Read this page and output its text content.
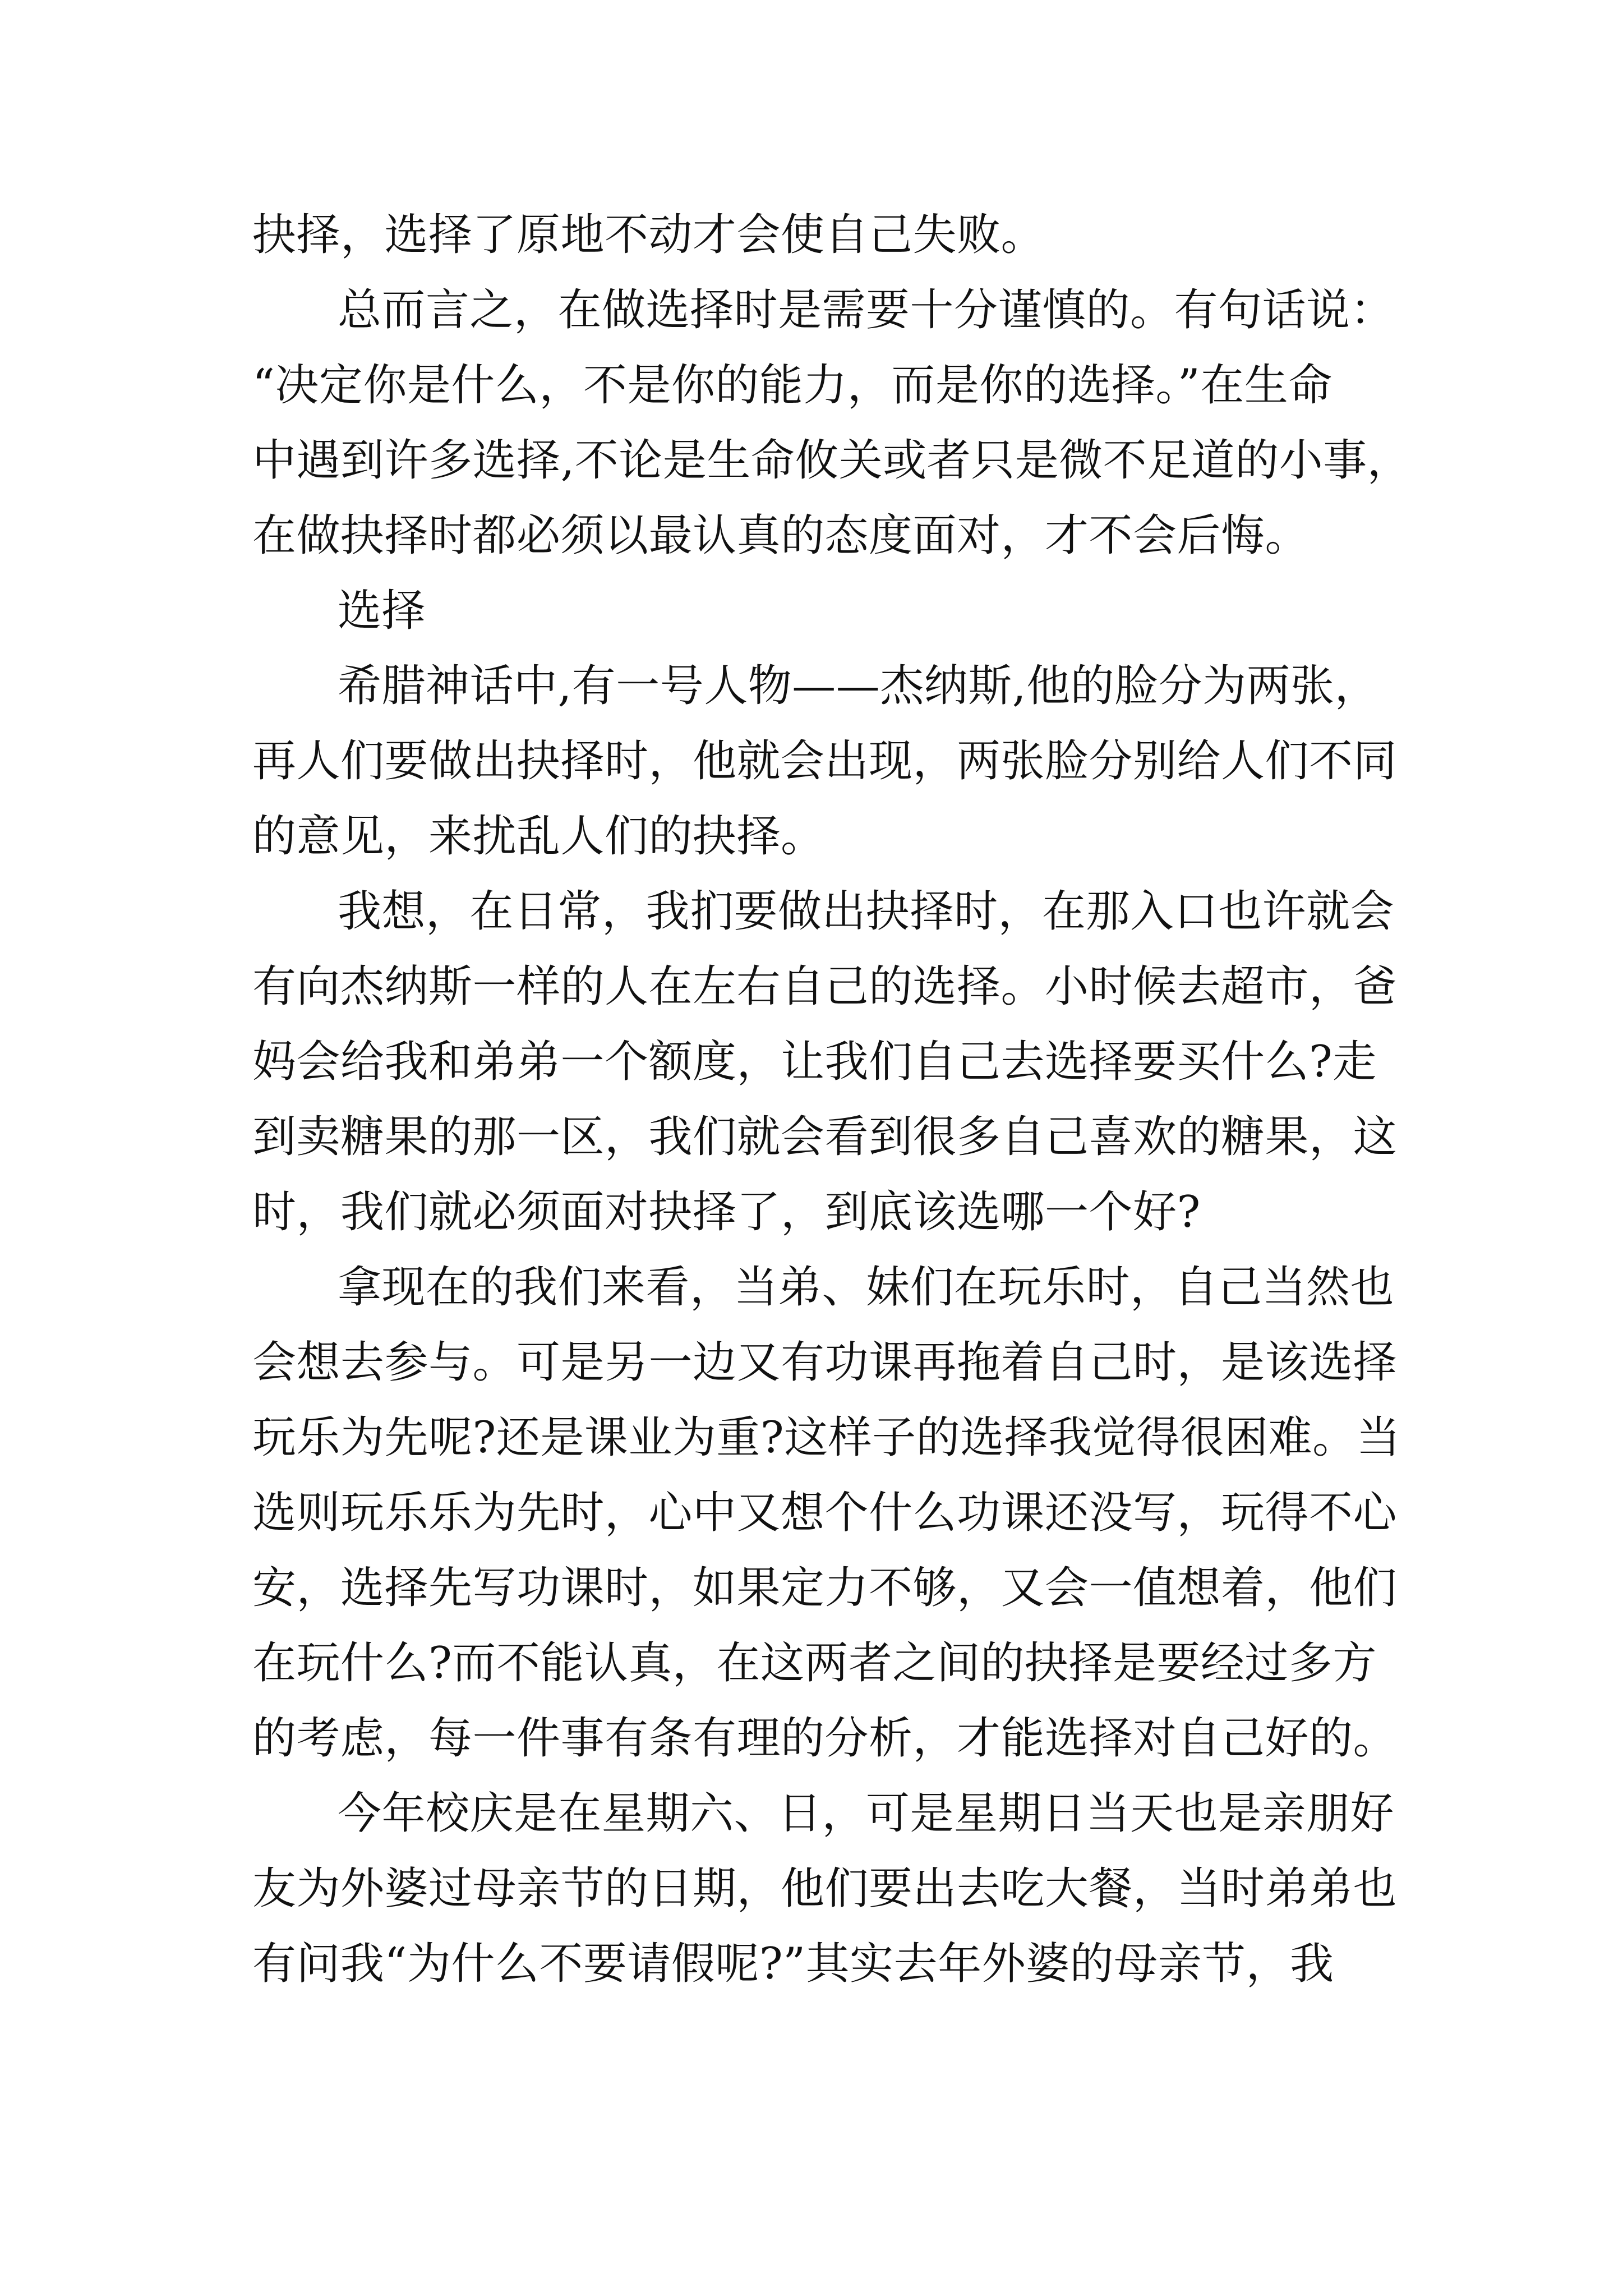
抉择，选择了原地不动才会使自己失败。
总而言之，在做选择时是需要十分谨慎的。有句话说：
“决定你是什么，不是你的能力，而是你的选择。”在生命
中遇到许多选择,不论是生命攸关或者只是微不足道的小事，
在做抉择时都必须以最认真的态度面对，才不会后悔。
选择
希腊神话中,有一号人物——杰纳斯,他的脸分为两张，
再人们要做出抉择时，他就会出现，两张脸分别给人们不同
的意见，来扰乱人们的抉择。
我想，在日常，我扪要做出抉择时，在那入口也许就会
有向杰纳斯一样的人在左右自己的选择。小时候去超市，爸
妈会给我和弟弟一个额度，让我们自己去选择要买什么?走
到卖糖果的那一区，我们就会看到很多自己喜欢的糖果，这
时，我们就必须面对抉择了，到底该选哪一个好?
拿现在的我们来看，当弟、妹们在玩乐时，自己当然也
会想去参与。可是另一边又有功课再拖着自己时，是该选择
玩乐为先呢?还是课业为重?这样子的选择我觉得很困难。当
选则玩乐乐为先时，心中又想个什么功课还没写，玩得不心
安，选择先写功课时，如果定力不够，又会一值想着，他们
在玩什么?而不能认真，在这两者之间的抉择是要经过多方
的考虑，每一件事有条有理的分析，才能选择对自己好的。
今年校庆是在星期六、日，可是星期日当天也是亲朋好
友为外婆过母亲节的日期，他们要出去吃大餐，当时弟弟也
有问我“为什么不要请假呢?”其实去年外婆的母亲节，我
